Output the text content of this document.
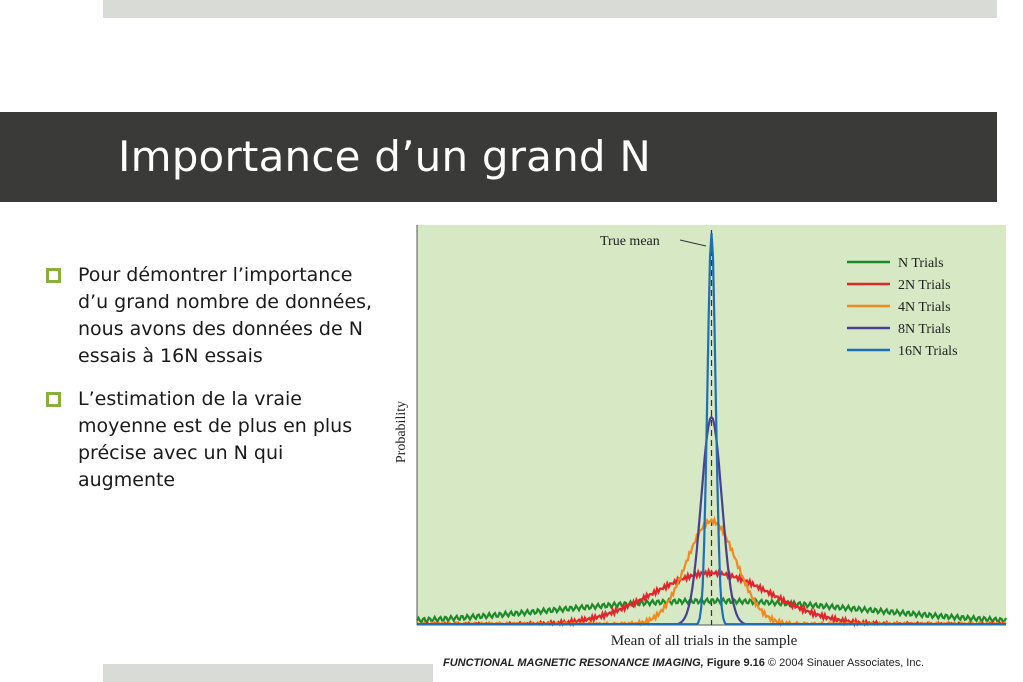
Importance d’un grand N
Pour démontrer l’importance d’u grand nombre de données, nous avons des données de N essais à 16N essais
L’estimation de la vraie moyenne est de plus en plus précise avec un N qui augmente
True mean
N Trials
2N Trials
4N Trials
8N Trials
16N Trials
Mean of all trials in the sample
Probability
FUNCTIONAL MAGNETIC RESONANCE IMAGING, Figure 9.16 © 2004 Sinauer Associates, Inc.
